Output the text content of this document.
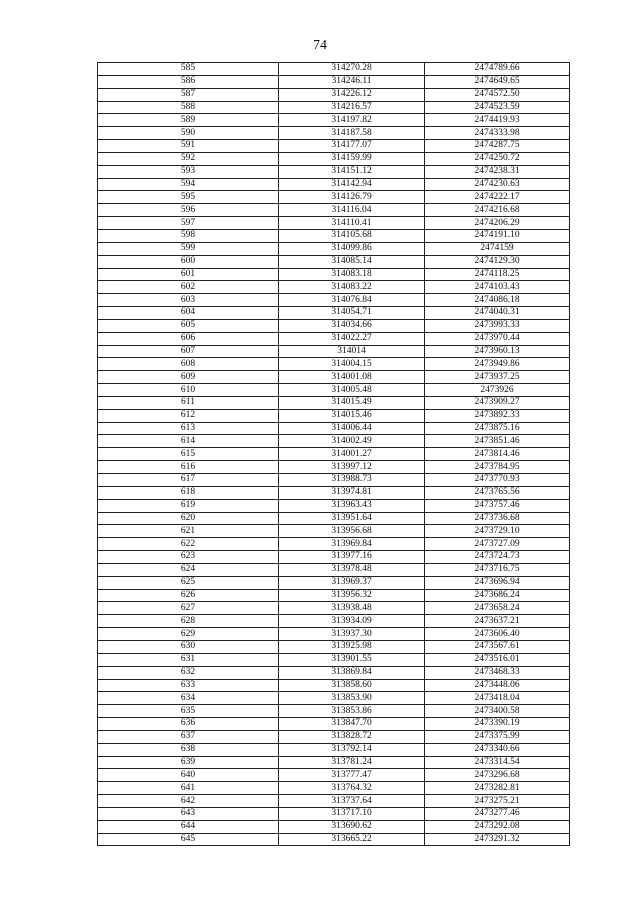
74
585	314270.28	2474789.66
586	314246.11	2474649.65
587	314226.12	2474572.50
588	314216.57	2474523.59
589	314197.82	2474419.93
590	314187.58	2474333.98
591	314177.07	2474287.75
592	314159.99	2474250.72
593	314151.12	2474238.31
594	314142.94	2474230.63
595	314126.79	2474222.17
596	314116.04	2474216.68
597	314110.41	2474206.29
598	314105.68	2474191.10
599	314099.86	2474159
600	314085.14	2474129.30
601	314083.18	2474118.25
602	314083.22	2474103.43
603	314076.84	2474086.18
604	314054.71	2474040.31
605	314034.66	2473993.33
606	314022.27	2473970.44
607	314014	2473960.13
608	314004.15	2473949.86
609	314001.08	2473937.25
610	314005.48	2473926
611	314015.49	2473909.27
612	314015.46	2473892.33
613	314006.44	2473875.16
614	314002.49	2473851.46
615	314001.27	2473814.46
616	313997.12	2473784.95
617	313988.73	2473770.93
618	313974.81	2473765.56
619	313963.43	2473757.46
620	313951.64	2473736.68
621	313956.68	2473729.10
622	313969.84	2473727.09
623	313977.16	2473724.73
624	313978.48	2473716.75
625	313969.37	2473696.94
626	313956.32	2473686.24
627	313938.48	2473658.24
628	313934.09	2473637.21
629	313937.30	2473606.40
630	313925.98	2473567.61
631	313901.55	2473516.01
632	313869.84	2473468.33
633	313858.60	2473448.06
634	313853.90	2473418.04
635	313853.86	2473400.58
636	313847.70	2473390.19
637	313828.72	2473375.99
638	313792.14	2473340.66
639	313781.24	2473314.54
640	313777.47	2473296.68
641	313764.32	2473282.81
642	313737.64	2473275.21
643	313717.10	2473277.46
644	313690.62	2473292.08
645	313665.22	2473291.32
